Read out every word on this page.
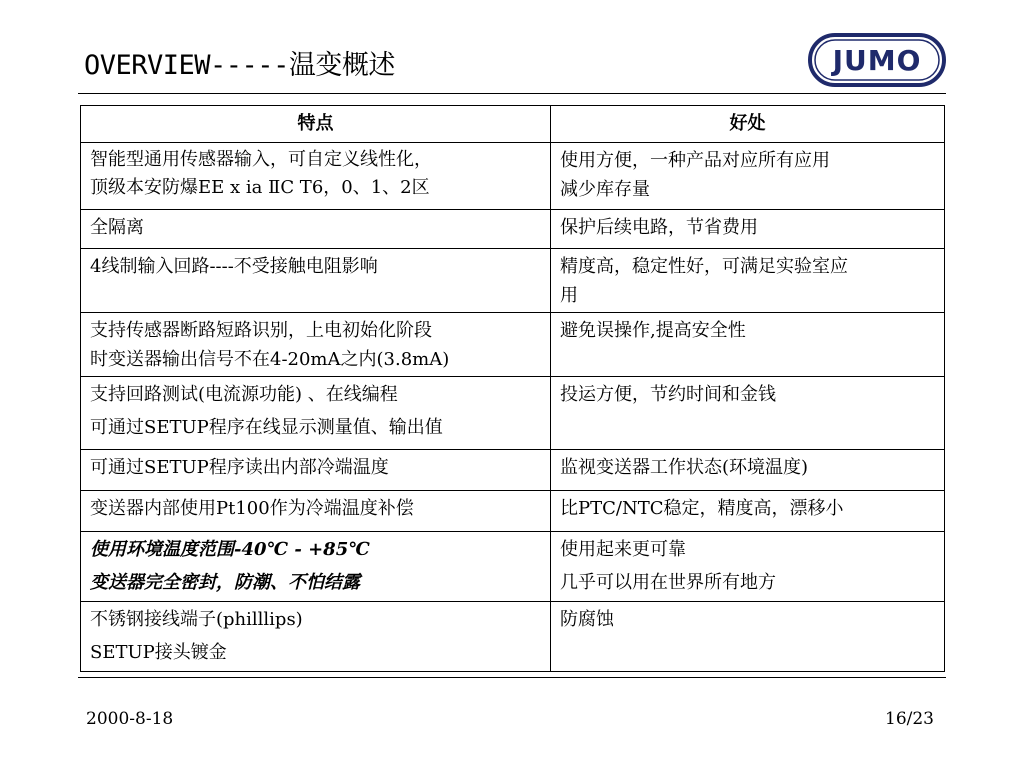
OVERVIEW-----温变概述	JUMO
特点	好处

智能型通用传感器输入，可自定义线性化，
顶级本安防爆EE x ia ⅡC T6，0、1、2区	使用方便，一种产品对应所有应用
减少库存量

全隔离	保护后续电路，节省费用

4线制输入回路----不受接触电阻影响	精度高，稳定性好，可满足实验室应
用

支持传感器断路短路识别，上电初始化阶段
时变送器输出信号不在4-20mA之内(3.8mA)	避免误操作,提高安全性

支持回路测试(电流源功能) 、在线编程
可通过SETUP程序在线显示测量值、输出值	投运方便，节约时间和金钱

可通过SETUP程序读出内部冷端温度	监视变送器工作状态(环境温度)

变送器内部使用Pt100作为冷端温度补偿	比PTC/NTC稳定，精度高，漂移小

使用环境温度范围-40℃ - +85℃
变送器完全密封，防潮、不怕结露	使用起来更可靠
几乎可以用在世界所有地方

不锈钢接线端子(philllips)
SETUP接头镀金	防腐蚀
2000-8-18	16/23
